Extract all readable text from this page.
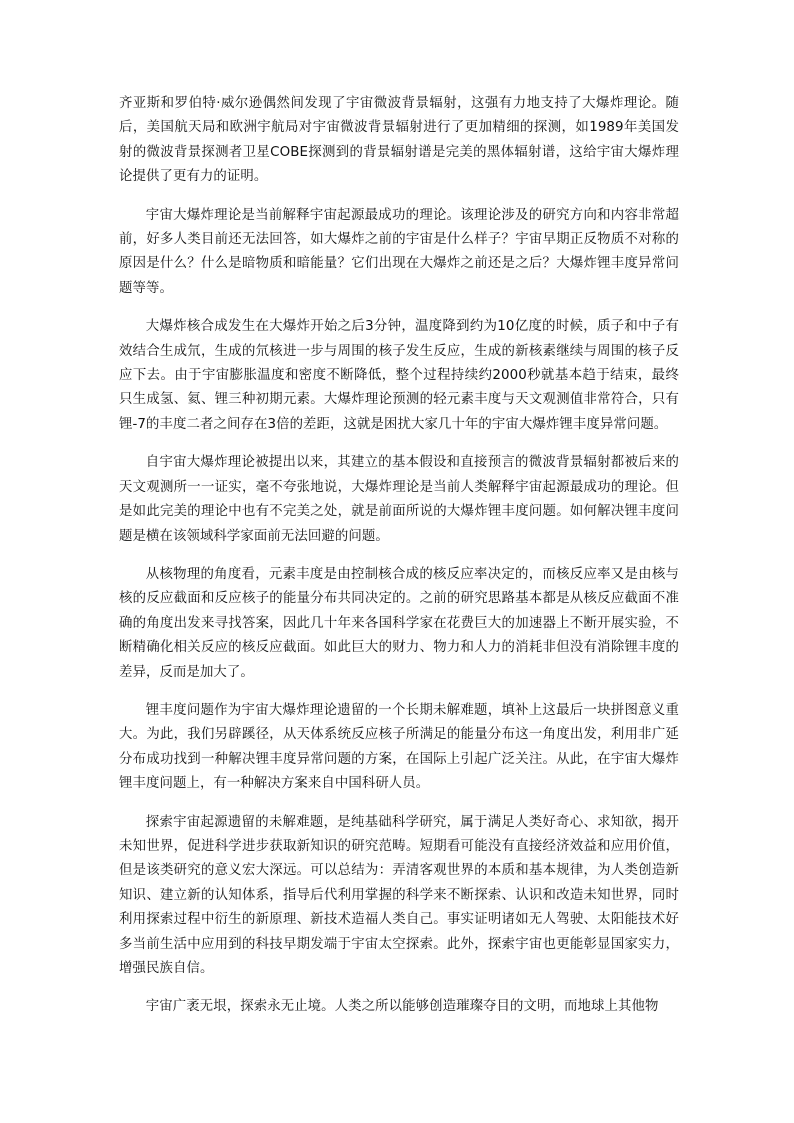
齐亚斯和罗伯特·威尔逊偶然间发现了宇宙微波背景辐射，这强有力地支持了大爆炸理论。随后，美国航天局和欧洲宇航局对宇宙微波背景辐射进行了更加精细的探测，如1989年美国发射的微波背景探测者卫星COBE探测到的背景辐射谱是完美的黑体辐射谱，这给宇宙大爆炸理论提供了更有力的证明。

宇宙大爆炸理论是当前解释宇宙起源最成功的理论。该理论涉及的研究方向和内容非常超前，好多人类目前还无法回答，如大爆炸之前的宇宙是什么样子？宇宙早期正反物质不对称的原因是什么？什么是暗物质和暗能量？它们出现在大爆炸之前还是之后？大爆炸锂丰度异常问题等等。

大爆炸核合成发生在大爆炸开始之后3分钟，温度降到约为10亿度的时候，质子和中子有效结合生成氘，生成的氘核进一步与周围的核子发生反应，生成的新核素继续与周围的核子反应下去。由于宇宙膨胀温度和密度不断降低，整个过程持续约2000秒就基本趋于结束，最终只生成氢、氦、锂三种初期元素。大爆炸理论预测的轻元素丰度与天文观测值非常符合，只有锂-7的丰度二者之间存在3倍的差距，这就是困扰大家几十年的宇宙大爆炸锂丰度异常问题。

自宇宙大爆炸理论被提出以来，其建立的基本假设和直接预言的微波背景辐射都被后来的天文观测所一一证实，毫不夸张地说，大爆炸理论是当前人类解释宇宙起源最成功的理论。但是如此完美的理论中也有不完美之处，就是前面所说的大爆炸锂丰度问题。如何解决锂丰度问题是横在该领域科学家面前无法回避的问题。

从核物理的角度看，元素丰度是由控制核合成的核反应率决定的，而核反应率又是由核与核的反应截面和反应核子的能量分布共同决定的。之前的研究思路基本都是从核反应截面不准确的角度出发来寻找答案，因此几十年来各国科学家在花费巨大的加速器上不断开展实验，不断精确化相关反应的核反应截面。如此巨大的财力、物力和人力的消耗非但没有消除锂丰度的差异，反而是加大了。

锂丰度问题作为宇宙大爆炸理论遗留的一个长期未解难题，填补上这最后一块拼图意义重大。为此，我们另辟蹊径，从天体系统反应核子所满足的能量分布这一角度出发，利用非广延分布成功找到一种解决锂丰度异常问题的方案，在国际上引起广泛关注。从此，在宇宙大爆炸锂丰度问题上，有一种解决方案来自中国科研人员。

探索宇宙起源遗留的未解难题，是纯基础科学研究，属于满足人类好奇心、求知欲，揭开未知世界，促进科学进步获取新知识的研究范畴。短期看可能没有直接经济效益和应用价值，但是该类研究的意义宏大深远。可以总结为：弄清客观世界的本质和基本规律，为人类创造新知识、建立新的认知体系，指导后代利用掌握的科学来不断探索、认识和改造未知世界，同时利用探索过程中衍生的新原理、新技术造福人类自己。事实证明诸如无人驾驶、太阳能技术好多当前生活中应用到的科技早期发端于宇宙太空探索。此外，探索宇宙也更能彰显国家实力，增强民族自信。

宇宙广袤无垠，探索永无止境。人类之所以能够创造璀璨夺目的文明，而地球上其他物
